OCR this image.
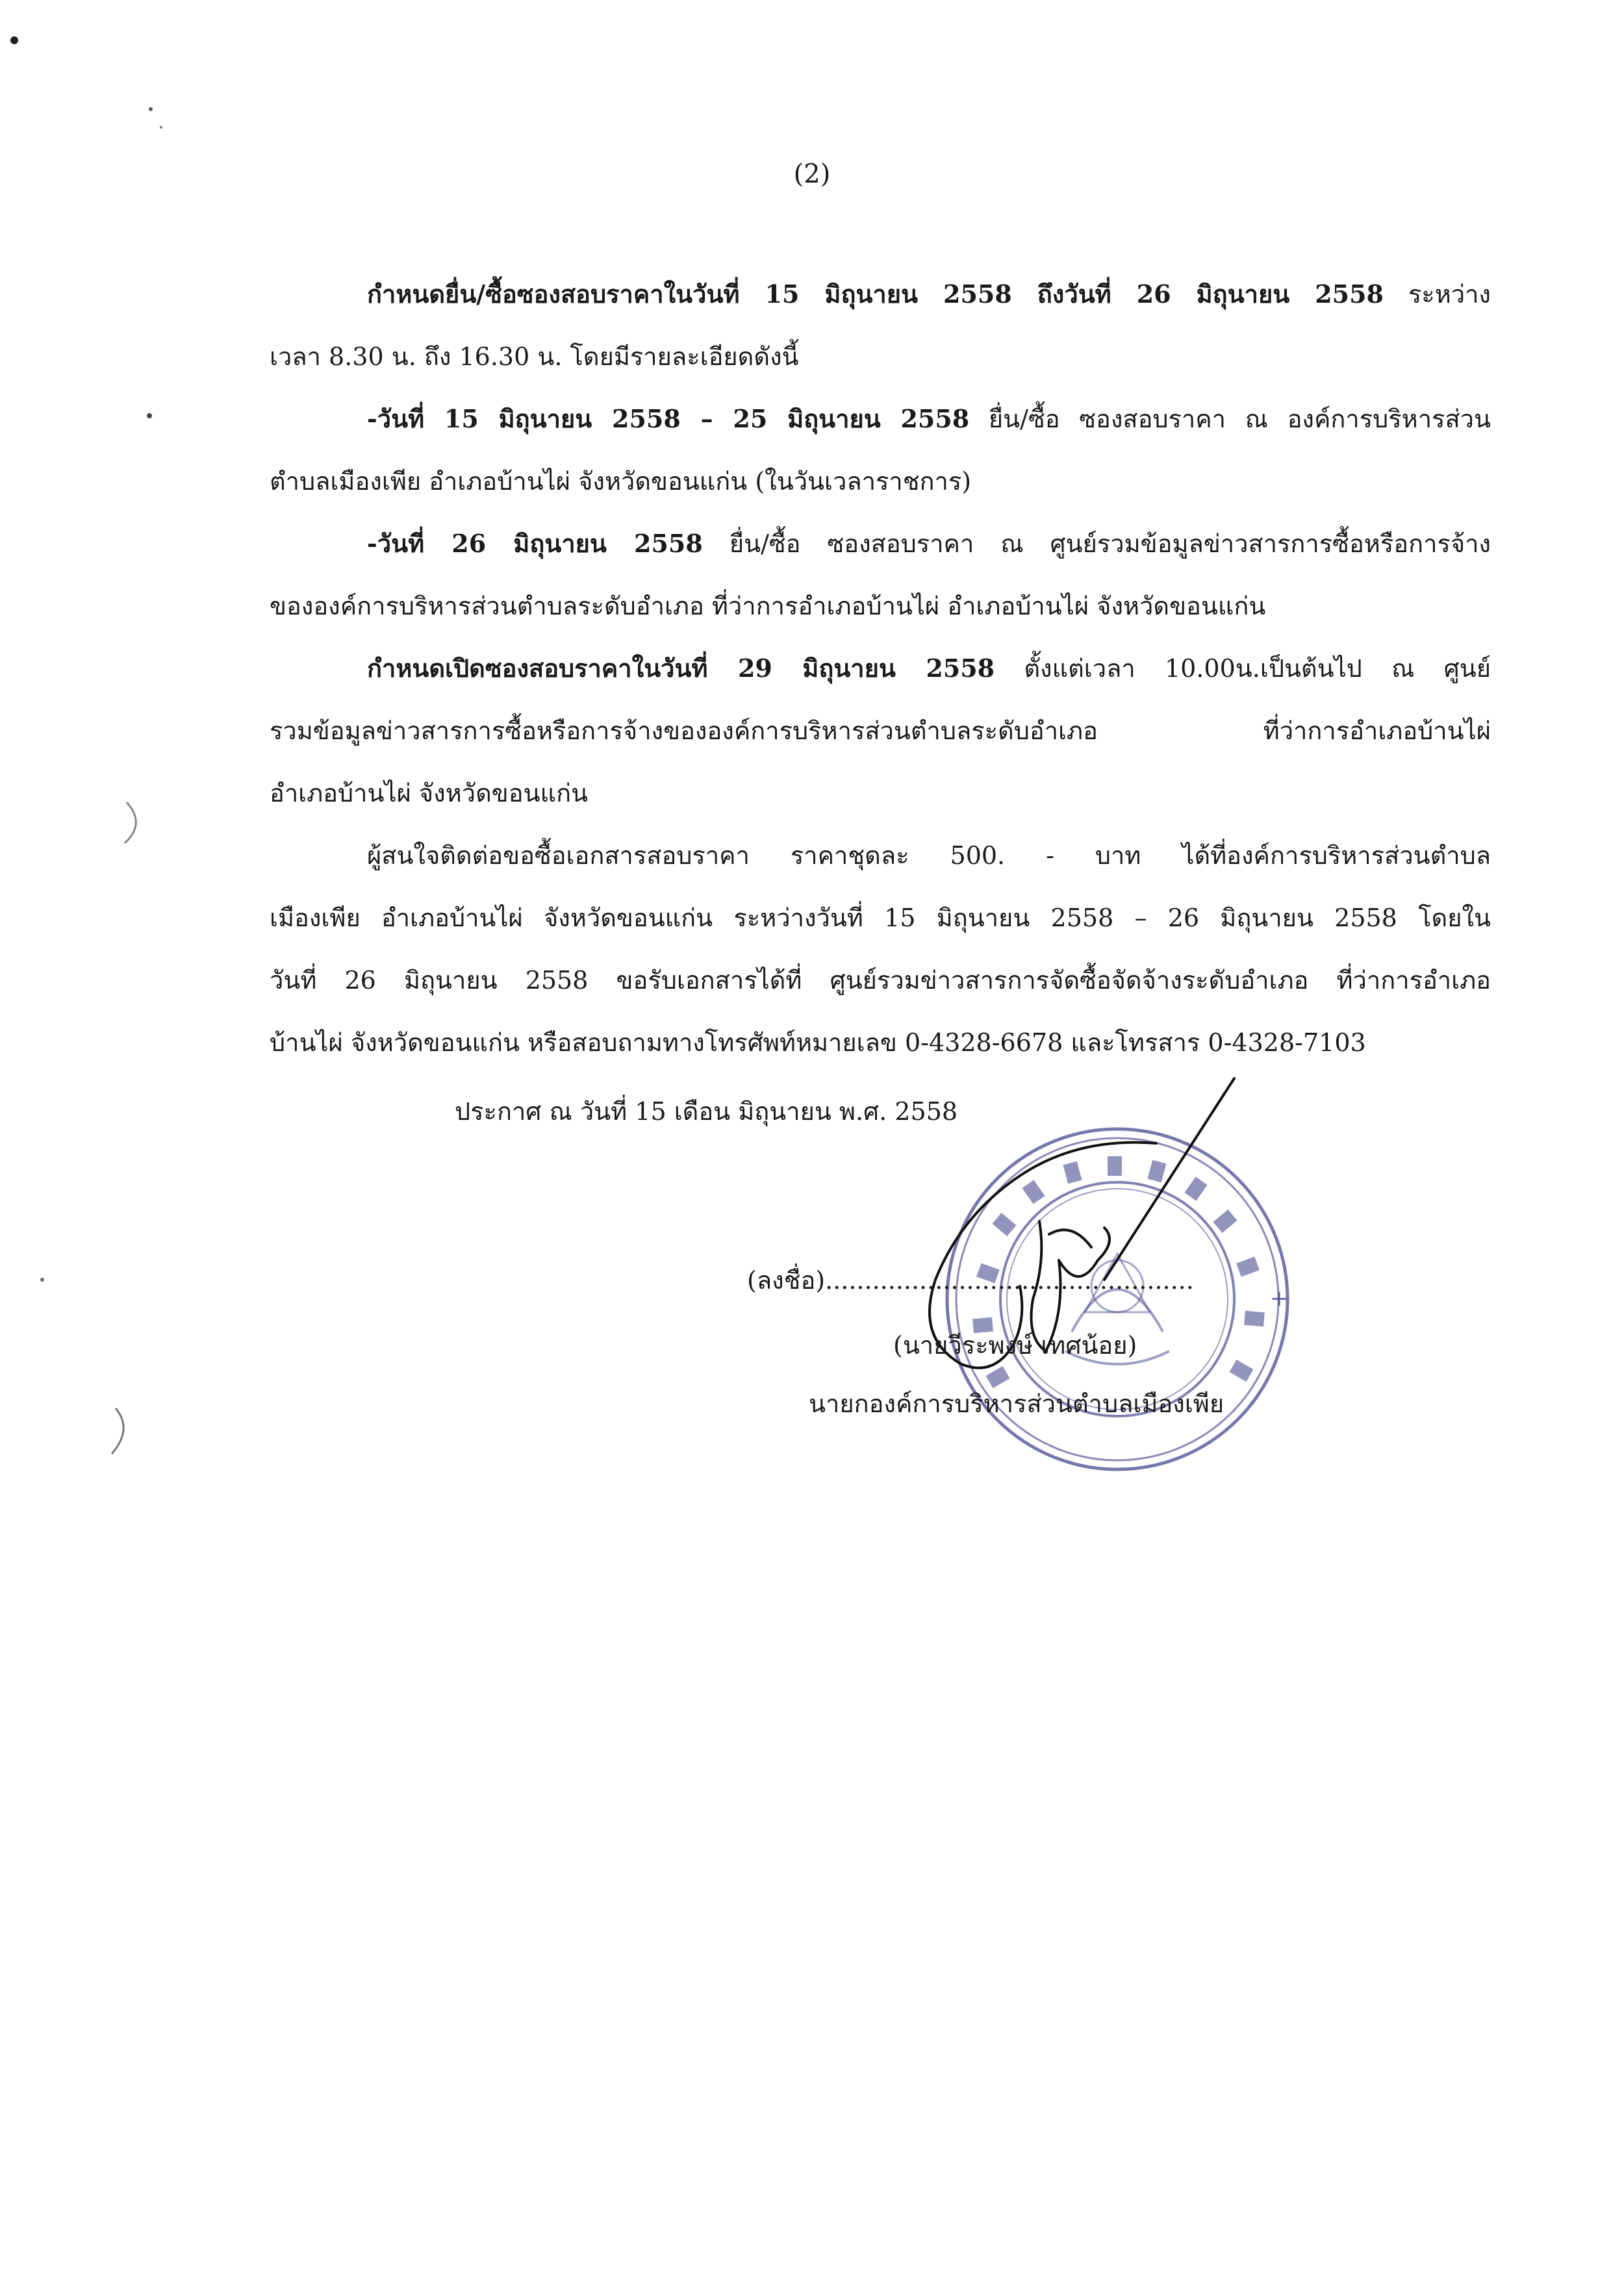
(2)
กำหนดยื่น/ซื้อซองสอบราคาในวันที่ 15 มิถุนายน 2558 ถึงวันที่ 26 มิถุนายน 2558 ระหว่าง
เวลา 8.30 น. ถึง 16.30 น. โดยมีรายละเอียดดังนี้
-วันที่ 15 มิถุนายน 2558 – 25 มิถุนายน 2558 ยื่น/ซื้อ ซองสอบราคา ณ องค์การบริหารส่วน
ตำบลเมืองเพีย อำเภอบ้านไผ่ จังหวัดขอนแก่น (ในวันเวลาราชการ)
-วันที่ 26 มิถุนายน 2558 ยื่น/ซื้อ ซองสอบราคา ณ ศูนย์รวมข้อมูลข่าวสารการซื้อหรือการจ้าง
ขององค์การบริหารส่วนตำบลระดับอำเภอ ที่ว่าการอำเภอบ้านไผ่ อำเภอบ้านไผ่ จังหวัดขอนแก่น
กำหนดเปิดซองสอบราคาในวันที่ 29 มิถุนายน 2558 ตั้งแต่เวลา 10.00น.เป็นต้นไป ณ ศูนย์
รวมข้อมูลข่าวสารการซื้อหรือการจ้างขององค์การบริหารส่วนตำบลระดับอำเภอ ที่ว่าการอำเภอบ้านไผ่
อำเภอบ้านไผ่ จังหวัดขอนแก่น
ผู้สนใจติดต่อขอซื้อเอกสารสอบราคา ราคาชุดละ 500. - บาท ได้ที่องค์การบริหารส่วนตำบล
เมืองเพีย อำเภอบ้านไผ่ จังหวัดขอนแก่น ระหว่างวันที่ 15 มิถุนายน 2558 – 26 มิถุนายน 2558 โดยใน
วันที่ 26 มิถุนายน 2558 ขอรับเอกสารได้ที่ ศูนย์รวมข่าวสารการจัดซื้อจัดจ้างระดับอำเภอ ที่ว่าการอำเภอ
บ้านไผ่ จังหวัดขอนแก่น หรือสอบถามทางโทรศัพท์หมายเลข 0-4328-6678 และโทรสาร 0-4328-7103
ประกาศ ณ วันที่ 15 เดือน มิถุนายน พ.ศ. 2558
+
(ลงชื่อ)...............................................
(นายวีระพงษ์ เทศน้อย)
นายกองค์การบริหารส่วนตำบลเมืองเพีย
